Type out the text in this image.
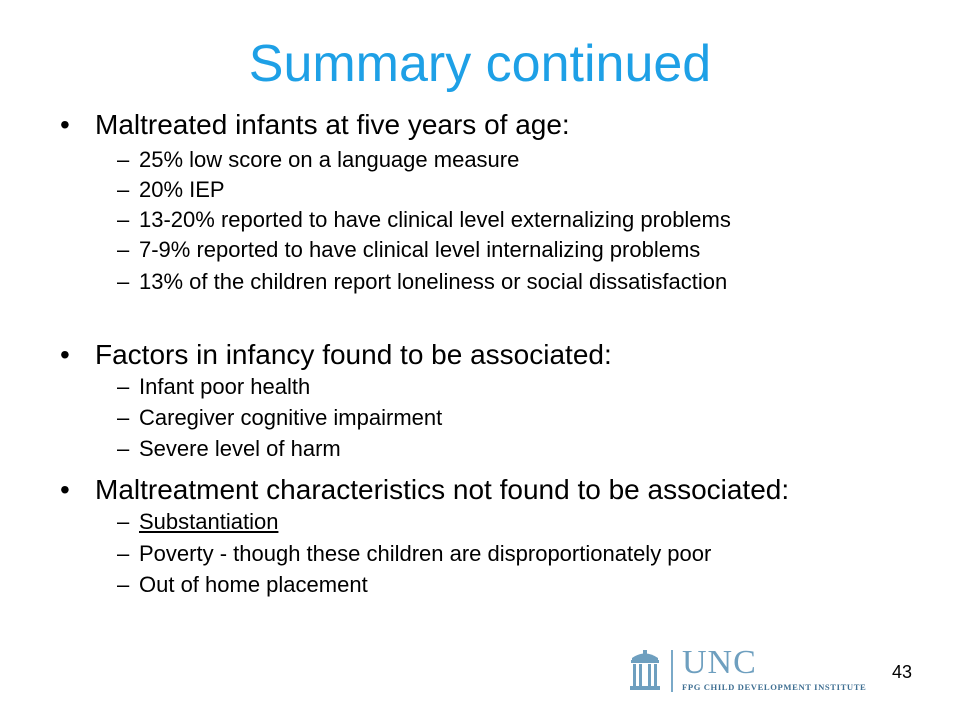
Summary continued
• Maltreated infants at five years of age:
– 25% low score on a language measure
– 20% IEP
– 13-20% reported to have clinical level externalizing problems
– 7-9% reported to have clinical level internalizing problems
– 13% of the children report loneliness or social dissatisfaction
• Factors in infancy found to be associated:
– Infant poor health
– Caregiver cognitive impairment
– Severe level of harm
• Maltreatment characteristics not found to be associated:
– Substantiation
– Poverty - though these children are disproportionately poor
– Out of home placement
UNC
FPG CHILD DEVELOPMENT INSTITUTE
43
